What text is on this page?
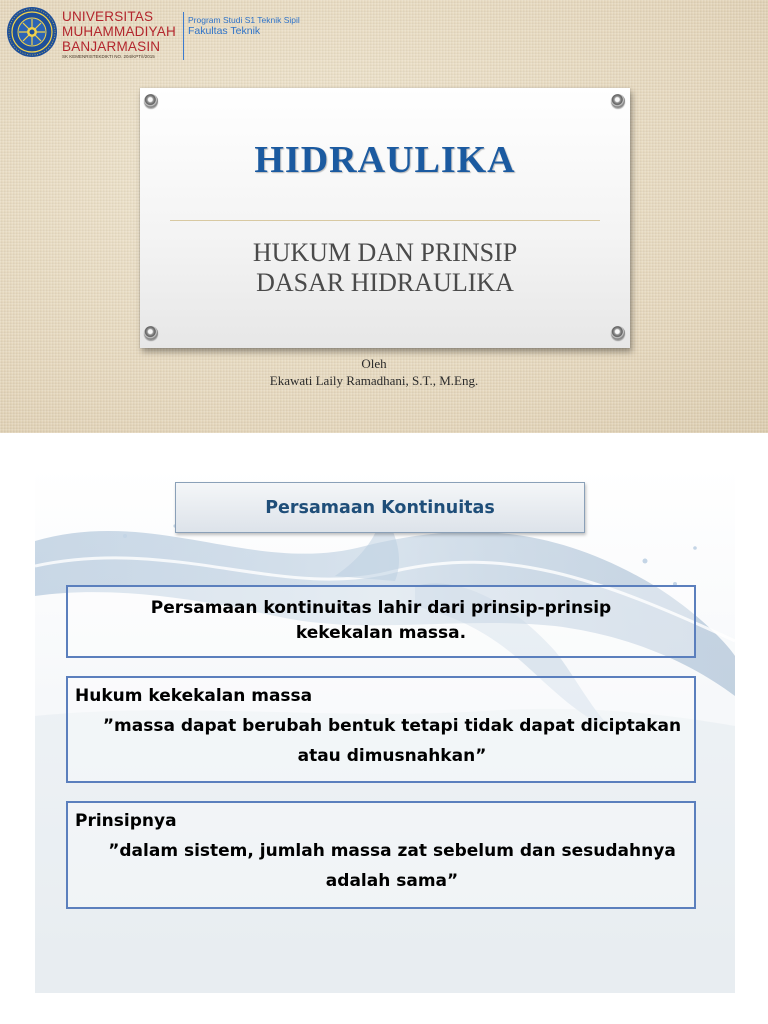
UNIVERSITAS
MUHAMMADIYAH
BANJARMASIN
SK KEMENRISTEKDIKTI NO. 204/KPT/I/2015
Program Studi S1 Teknik Sipil
Fakultas Teknik
HIDRAULIKA
HUKUM DAN PRINSIP
DASAR HIDRAULIKA
Oleh
Ekawati Laily Ramadhani, S.T., M.Eng.
Persamaan Kontinuitas
Persamaan kontinuitas lahir dari prinsip-prinsip
kekekalan massa.
Hukum kekekalan massa
”massa dapat berubah bentuk tetapi tidak dapat diciptakan atau dimusnahkan”
Prinsipnya
”dalam sistem, jumlah massa zat sebelum dan sesudahnya adalah sama”
